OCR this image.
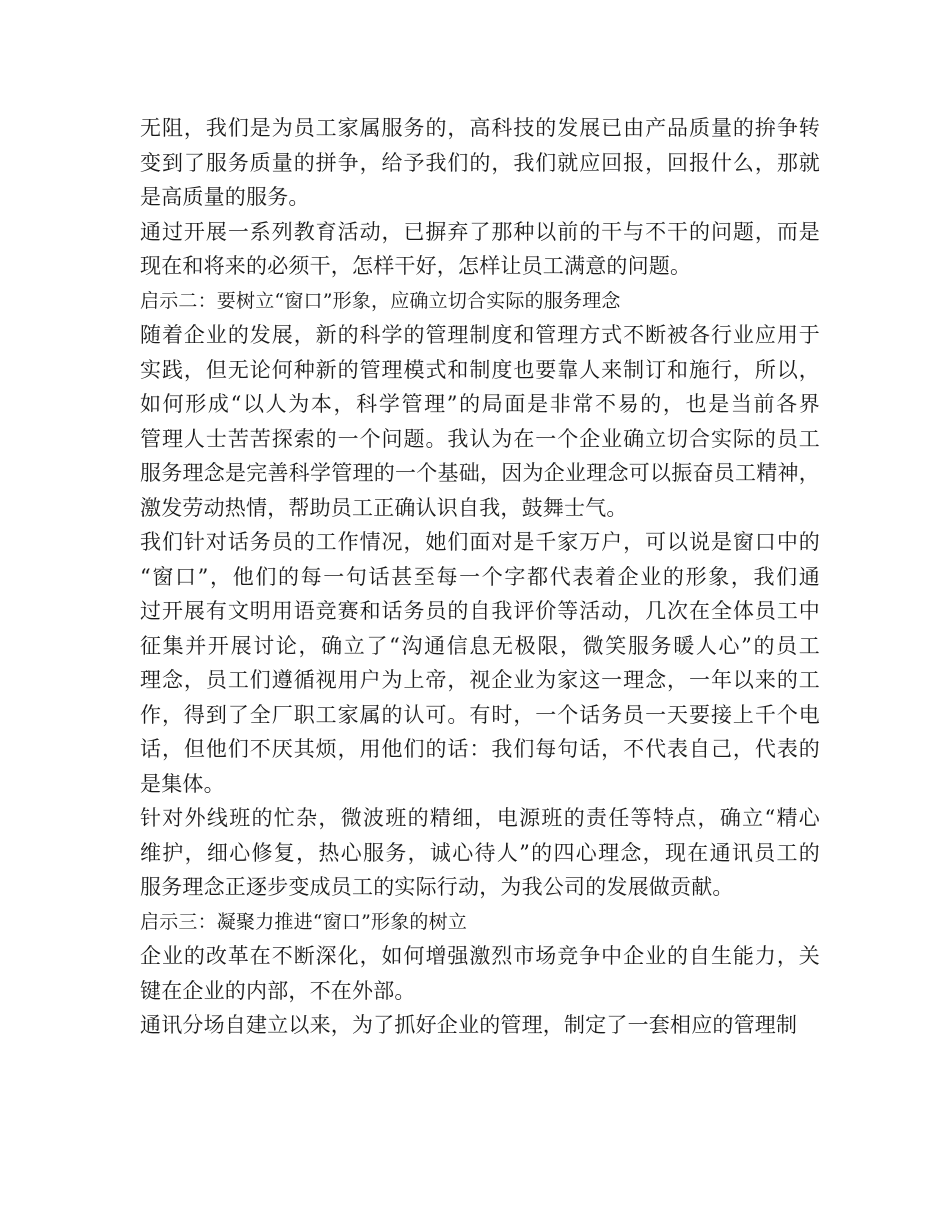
无阻，我们是为员工家属服务的，高科技的发展已由产品质量的拚争转
变到了服务质量的拼争，给予我们的，我们就应回报，回报什么，那就
是高质量的服务。

通过开展一系列教育活动，已摒弃了那种以前的干与不干的问题，而是
现在和将来的必须干，怎样干好，怎样让员工满意的问题。

启示二：要树立“窗口”形象，应确立切合实际的服务理念

随着企业的发展，新的科学的管理制度和管理方式不断被各行业应用于
实践，但无论何种新的管理模式和制度也要靠人来制订和施行，所以，
如何形成“以人为本，科学管理”的局面是非常不易的，也是当前各界
管理人士苦苦探索的一个问题。我认为在一个企业确立切合实际的员工
服务理念是完善科学管理的一个基础，因为企业理念可以振奋员工精神，
激发劳动热情，帮助员工正确认识自我，鼓舞士气。

我们针对话务员的工作情况，她们面对是千家万户，可以说是窗口中的
“窗口”，他们的每一句话甚至每一个字都代表着企业的形象，我们通
过开展有文明用语竞赛和话务员的自我评价等活动，几次在全体员工中
征集并开展讨论，确立了“沟通信息无极限，微笑服务暖人心”的员工
理念，员工们遵循视用户为上帝，视企业为家这一理念，一年以来的工
作，得到了全厂职工家属的认可。有时，一个话务员一天要接上千个电
话，但他们不厌其烦，用他们的话：我们每句话，不代表自己，代表的
是集体。

针对外线班的忙杂，微波班的精细，电源班的责任等特点，确立“精心
维护，细心修复，热心服务，诚心待人”的四心理念，现在通讯员工的
服务理念正逐步变成员工的实际行动，为我公司的发展做贡献。

启示三：凝聚力推进“窗口”形象的树立

企业的改革在不断深化，如何增强激烈市场竞争中企业的自生能力，关
键在企业的内部，不在外部。

通讯分场自建立以来，为了抓好企业的管理，制定了一套相应的管理制
